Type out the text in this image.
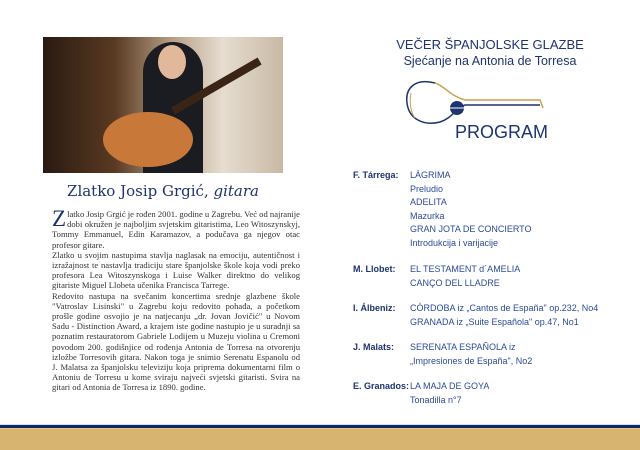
Zlatko Josip Grgić, gitara

Zlatko Josip Grgić je rođen 2001. godine u Zagrebu. Već od najranije dobi okružen je najboljim svjetskim gitaristima, Leo Witoszynskyj, Tommy Emmanuel, Edin Karamazov, a podučava ga njegov otac profesor gitare.

Zlatko u svojim nastupima stavlja naglasak na emociju, autentičnost i izražajnost te nastavlja tradiciju stare španjolske škole koja vodi preko profesora Lea Witoszynskoga i Luise Walker direktno do velikog gitariste Miguel Llobeta učenika Francisca Tarrege.

Redovito nastupa na svečanim koncertima srednje glazbene škole "Vatroslav Lisinski" u Zagrebu koju redovito pohađa, a početkom prošle godine osvojio je na natjecanju „dr. Jovan Jovičić" u Novom Sadu - Distinction Award, a krajem iste godine nastupio je u suradnji sa poznatim restauratorom Gabriele Lodijem u Muzeju violina u Cremoni povodom 200. godišnjice od rođenja Antonia de Torresa na otvorenju izložbe Torresovih gitara. Nakon toga je snimio Serenatu Espanolu od J. Malatsa za španjolsku televiziju koja priprema dokumentarni film o Antoniu de Torresu u kome sviraju najveći svjetski gitaristi. Svira na gitari od Antonia de Torresa iz 1890. godine.

VEČER ŠPANJOLSKE GLAZBE
Sjećanje na Antonia de Torresa
PROGRAM
F. Tárrega:	LÁGRIMA
Preludio
ADELITA
Mazurka
GRAN JOTA DE CONCIERTO
Introdukcija i varijacije
M. Llobet:	EL TESTAMENT d´AMELIA
CANÇO DEL LLADRE
I. Álbeniz:	CÓRDOBA iz „Cantos de España" op.232, No4
GRANADA iz „Suite Española" op.47, No1
J. Malats:	SERENATA ESPAÑOLA iz
„Impresiones de España", No2
E. Granados: LA MAJA DE GOYA
Tonadilla n°7
